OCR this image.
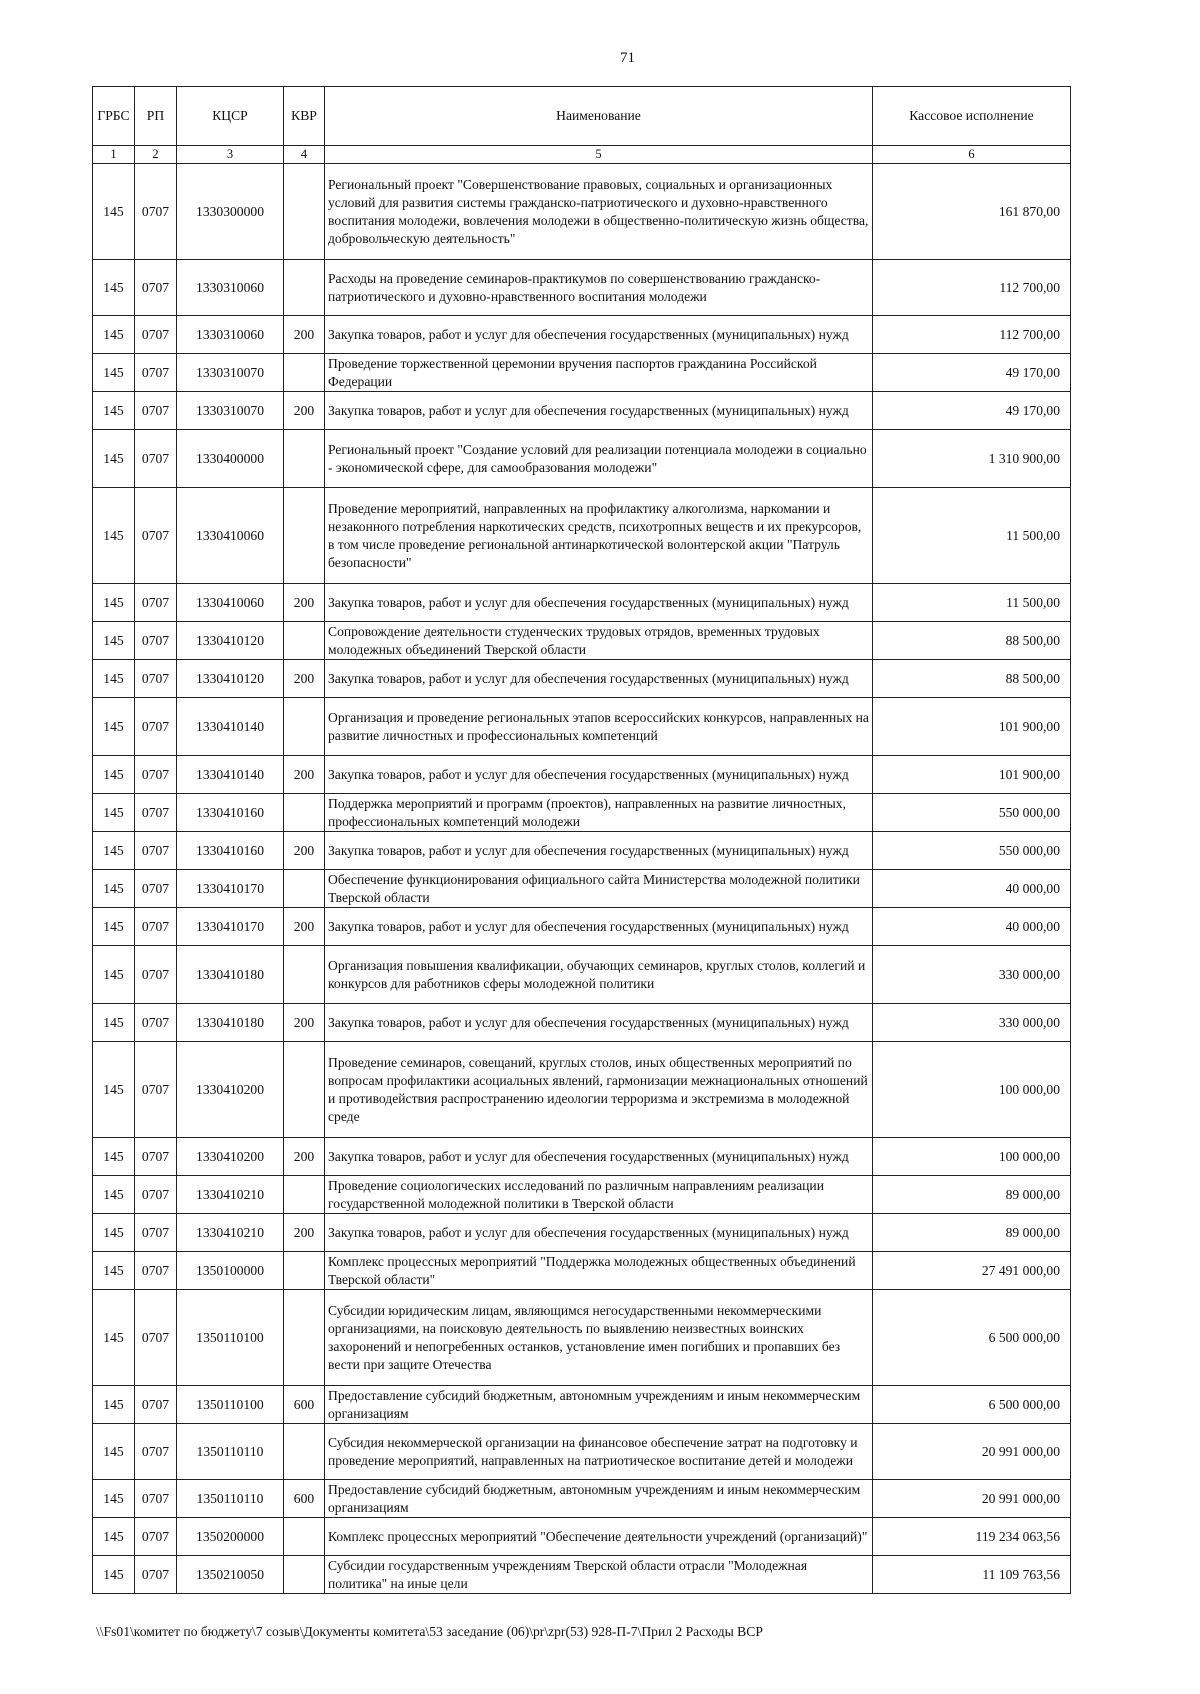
71
ГРБС	РП	КЦСР	КВР	Наименование	Кассовое исполнение
1	2	3	4	5	6
145	0707	1330300000		Региональный проект "Совершенствование правовых, социальных и организационных условий для развития системы гражданско-патриотического и духовно-нравственного воспитания молодежи, вовлечения молодежи в общественно-политическую жизнь общества, добровольческую деятельность"	161 870,00
145	0707	1330310060		Расходы на проведение семинаров-практикумов по совершенствованию гражданско-патриотического и духовно-нравственного воспитания молодежи	112 700,00
145	0707	1330310060	200	Закупка товаров, работ и услуг для обеспечения государственных (муниципальных) нужд	112 700,00
145	0707	1330310070		Проведение торжественной церемонии вручения паспортов гражданина Российской Федерации	49 170,00
145	0707	1330310070	200	Закупка товаров, работ и услуг для обеспечения государственных (муниципальных) нужд	49 170,00
145	0707	1330400000		Региональный проект "Создание условий для реализации потенциала молодежи в социально - экономической сфере, для самообразования молодежи"	1 310 900,00
145	0707	1330410060		Проведение мероприятий, направленных на профилактику алкоголизма, наркомании и незаконного потребления наркотических средств, психотропных веществ и их прекурсоров, в том числе проведение региональной антинаркотической волонтерской акции "Патруль безопасности"	11 500,00
145	0707	1330410060	200	Закупка товаров, работ и услуг для обеспечения государственных (муниципальных) нужд	11 500,00
145	0707	1330410120		Сопровождение деятельности студенческих трудовых отрядов, временных трудовых молодежных объединений Тверской области	88 500,00
145	0707	1330410120	200	Закупка товаров, работ и услуг для обеспечения государственных (муниципальных) нужд	88 500,00
145	0707	1330410140		Организация и проведение региональных этапов всероссийских конкурсов, направленных на развитие личностных и профессиональных компетенций	101 900,00
145	0707	1330410140	200	Закупка товаров, работ и услуг для обеспечения государственных (муниципальных) нужд	101 900,00
145	0707	1330410160		Поддержка мероприятий и программ (проектов), направленных на развитие личностных, профессиональных компетенций молодежи	550 000,00
145	0707	1330410160	200	Закупка товаров, работ и услуг для обеспечения государственных (муниципальных) нужд	550 000,00
145	0707	1330410170		Обеспечение функционирования официального сайта Министерства молодежной политики Тверской области	40 000,00
145	0707	1330410170	200	Закупка товаров, работ и услуг для обеспечения государственных (муниципальных) нужд	40 000,00
145	0707	1330410180		Организация повышения квалификации, обучающих семинаров, круглых столов, коллегий и конкурсов для работников сферы молодежной политики	330 000,00
145	0707	1330410180	200	Закупка товаров, работ и услуг для обеспечения государственных (муниципальных) нужд	330 000,00
145	0707	1330410200		Проведение семинаров, совещаний, круглых столов, иных общественных мероприятий по вопросам профилактики асоциальных явлений, гармонизации межнациональных отношений и противодействия распространению идеологии терроризма и экстремизма в молодежной среде	100 000,00
145	0707	1330410200	200	Закупка товаров, работ и услуг для обеспечения государственных (муниципальных) нужд	100 000,00
145	0707	1330410210		Проведение социологических исследований по различным направлениям реализации государственной молодежной политики в Тверской области	89 000,00
145	0707	1330410210	200	Закупка товаров, работ и услуг для обеспечения государственных (муниципальных) нужд	89 000,00
145	0707	1350100000		Комплекс процессных мероприятий "Поддержка молодежных общественных объединений Тверской области"	27 491 000,00
145	0707	1350110100		Субсидии юридическим лицам, являющимся негосударственными некоммерческими организациями, на поисковую деятельность по выявлению неизвестных воинских захоронений и непогребенных останков, установление имен погибших и пропавших без вести при защите Отечества	6 500 000,00
145	0707	1350110100	600	Предоставление субсидий бюджетным, автономным учреждениям и иным некоммерческим организациям	6 500 000,00
145	0707	1350110110		Субсидия некоммерческой организации на финансовое обеспечение затрат на подготовку и проведение мероприятий, направленных на патриотическое воспитание детей и молодежи	20 991 000,00
145	0707	1350110110	600	Предоставление субсидий бюджетным, автономным учреждениям и иным некоммерческим организациям	20 991 000,00
145	0707	1350200000		Комплекс процессных мероприятий "Обеспечение деятельности учреждений (организаций)"	119 234 063,56
145	0707	1350210050		Субсидии государственным учреждениям Тверской области отрасли "Молодежная политика" на иные цели	11 109 763,56
\\Fs01\комитет по бюджету\7 созыв\Документы комитета\53 заседание (06)\pr\zpr(53) 928-П-7\Прил 2 Расходы ВСР
